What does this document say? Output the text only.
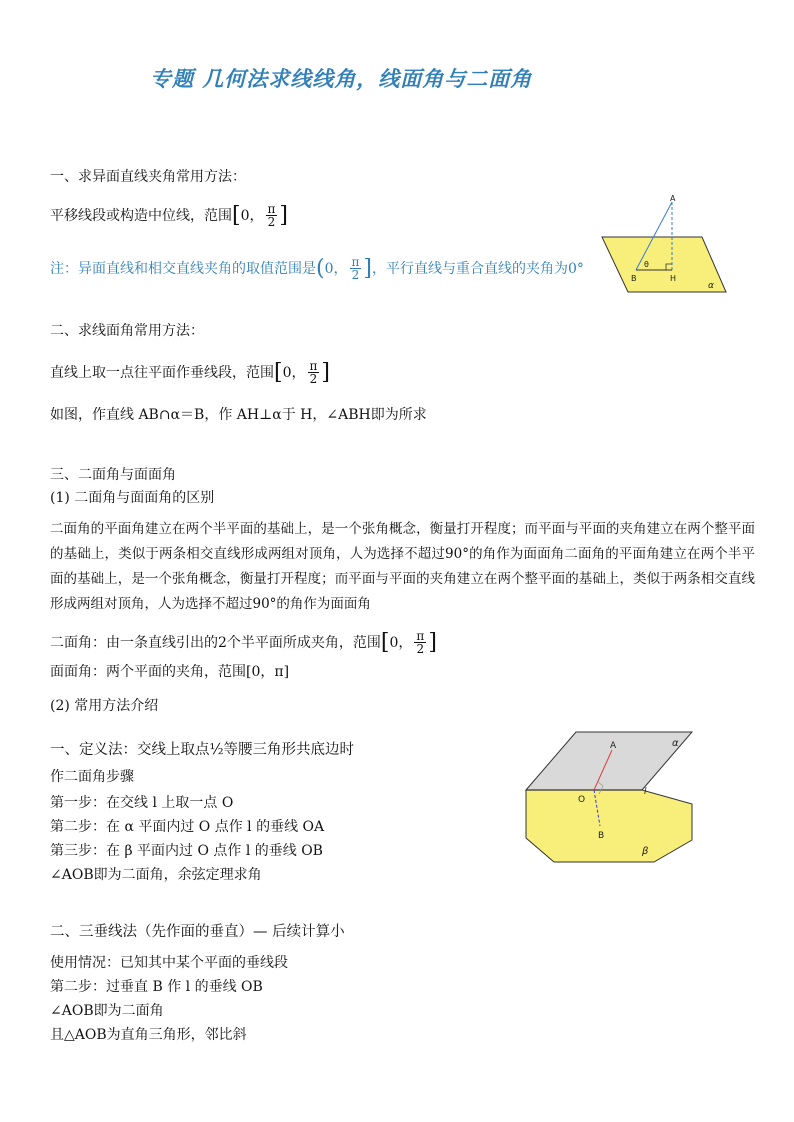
专题 几何法求线线角，线面角与二面角
一、求异面直线夹角常用方法：
平移线段或构造中位线，范围 [ 0， $\frac{\pi}{2}$ ]
注：异面直线和相交直线夹角的取值范围是 ( 0， $\frac{\pi}{2}$ ] ，平行直线与重合直线的夹角为0°
A
B	H
θ
α
二、求线面角常用方法：
直线上取一点往平面作垂线段，范围 [ 0， $\frac{\pi}{2}$ ]
如图，作直线 AB∩α＝B，作 AH⊥α于 H，∠ABH即为所求
三、二面角与面面角
(1) 二面角与面面角的区别
二面角的平面角建立在两个半平面的基础上，是一个张角概念，衡量打开程度；而平面与平面的夹角建立在两个整平面的基础上，类似于两条相交直线形成两组对顶角，人为选择不超过90°的角作为面面角二面角的平面角建立在两个半平面的基础上，是一个张角概念，衡量打开程度；而平面与平面的夹角建立在两个整平面的基础上，类似于两条相交直线形成两组对顶角，人为选择不超过90°的角作为面面角
二面角：由一条直线引出的2个半平面所成夹角，范围 [ 0， $\frac{\pi}{2}$ ]
面面角：两个平面的夹角，范围[0，π]
(2) 常用方法介绍
一、定义法：交线上取点½等腰三角形共底边时
作二面角步骤
第一步：在交线 l 上取一点 O
第二步：在 α 平面内过 O 点作 l 的垂线 OA
第三步：在 β 平面内过 O 点作 l 的垂线 OB
∠AOB即为二面角，余弦定理求角
A
O
B
l
α
β
二、三垂线法（先作面的垂直）— 后续计算小
使用情况：已知其中某个平面的垂线段
第二步：过垂直 B 作 l 的垂线 OB
∠AOB即为二面角
且△AOB为直角三角形，邻比斜
